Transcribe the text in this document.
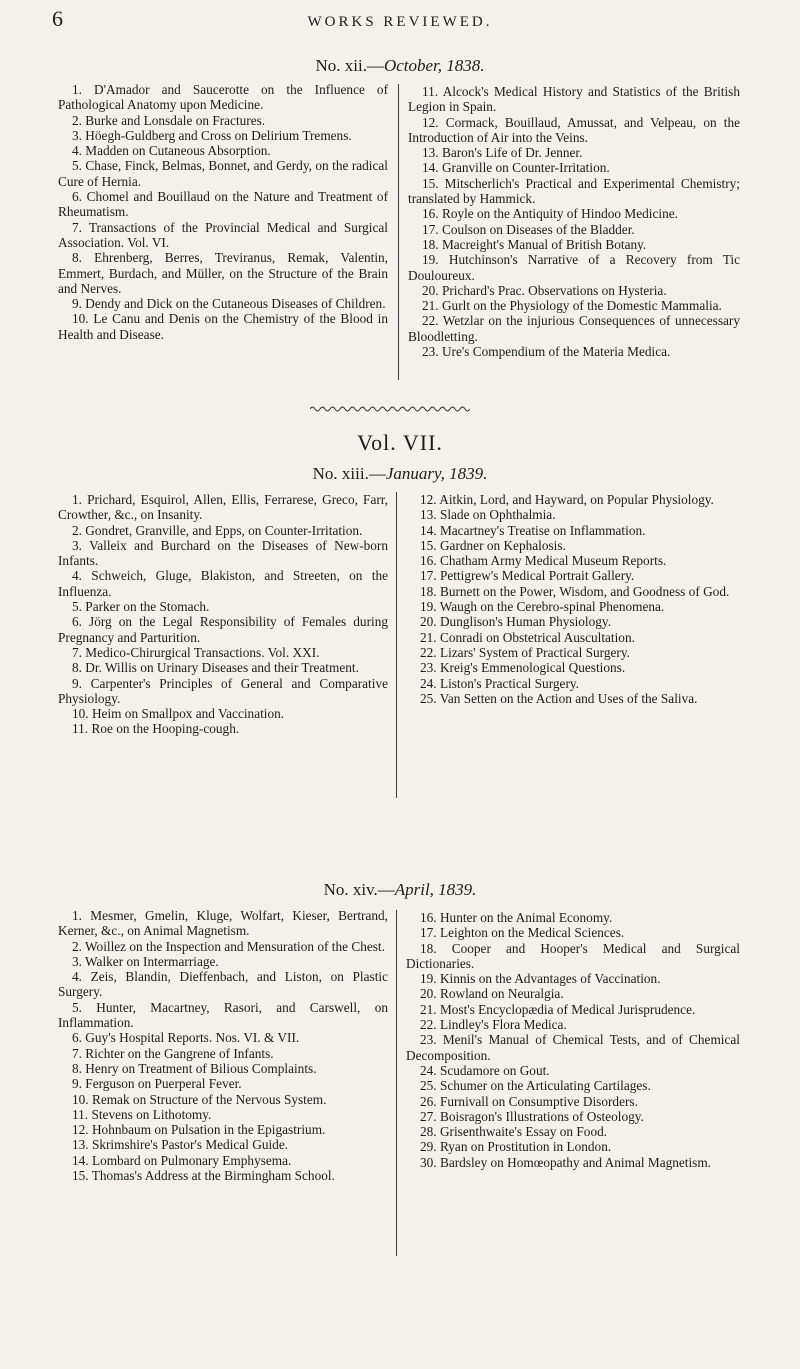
6	WORKS REVIEWED.
No. xii.—October, 1838.

1. D'Amador and Saucerotte on the Influence of Pathological Anatomy upon Medicine.

2. Burke and Lonsdale on Fractures.

3. Höegh-Guldberg and Cross on Delirium Tremens.

4. Madden on Cutaneous Absorption.

5. Chase, Finck, Belmas, Bonnet, and Gerdy, on the radical Cure of Hernia.

6. Chomel and Bouillaud on the Nature and Treatment of Rheumatism.

7. Transactions of the Provincial Medical and Surgical Association. Vol. VI.

8. Ehrenberg, Berres, Treviranus, Remak, Valentin, Emmert, Burdach, and Müller, on the Structure of the Brain and Nerves.

9. Dendy and Dick on the Cutaneous Diseases of Children.

10. Le Canu and Denis on the Chemistry of the Blood in Health and Disease.

11. Alcock's Medical History and Statistics of the British Legion in Spain.

12. Cormack, Bouillaud, Amussat, and Velpeau, on the Introduction of Air into the Veins.

13. Baron's Life of Dr. Jenner.

14. Granville on Counter-Irritation.

15. Mitscherlich's Practical and Experimental Chemistry; translated by Hammick.

16. Royle on the Antiquity of Hindoo Medicine.

17. Coulson on Diseases of the Bladder.

18. Macreight's Manual of British Botany.

19. Hutchinson's Narrative of a Recovery from Tic Douloureux.

20. Prichard's Prac. Observations on Hysteria.

21. Gurlt on the Physiology of the Domestic Mammalia.

22. Wetzlar on the injurious Consequences of unnecessary Bloodletting.

23. Ure's Compendium of the Materia Medica.

Vol. VII.
No. xiii.—January, 1839.

1. Prichard, Esquirol, Allen, Ellis, Ferrarese, Greco, Farr, Crowther, &c., on Insanity.

2. Gondret, Granville, and Epps, on Counter-Irritation.

3. Valleix and Burchard on the Diseases of New-born Infants.

4. Schweich, Gluge, Blakiston, and Streeten, on the Influenza.

5. Parker on the Stomach.

6. Jörg on the Legal Responsibility of Females during Pregnancy and Parturition.

7. Medico-Chirurgical Transactions. Vol. XXI.

8. Dr. Willis on Urinary Diseases and their Treatment.

9. Carpenter's Principles of General and Comparative Physiology.

10. Heim on Smallpox and Vaccination.

11. Roe on the Hooping-cough.

12. Aitkin, Lord, and Hayward, on Popular Physiology.

13. Slade on Ophthalmia.

14. Macartney's Treatise on Inflammation.

15. Gardner on Kephalosis.

16. Chatham Army Medical Museum Reports.

17. Pettigrew's Medical Portrait Gallery.

18. Burnett on the Power, Wisdom, and Goodness of God.

19. Waugh on the Cerebro-spinal Phenomena.

20. Dunglison's Human Physiology.

21. Conradi on Obstetrical Auscultation.

22. Lizars' System of Practical Surgery.

23. Kreig's Emmenological Questions.

24. Liston's Practical Surgery.

25. Van Setten on the Action and Uses of the Saliva.

No. xiv.—April, 1839.

1. Mesmer, Gmelin, Kluge, Wolfart, Kieser, Bertrand, Kerner, &c., on Animal Magnetism.

2. Woillez on the Inspection and Mensuration of the Chest.

3. Walker on Intermarriage.

4. Zeis, Blandin, Dieffenbach, and Liston, on Plastic Surgery.

5. Hunter, Macartney, Rasori, and Carswell, on Inflammation.

6. Guy's Hospital Reports. Nos. VI. & VII.

7. Richter on the Gangrene of Infants.

8. Henry on Treatment of Bilious Complaints.

9. Ferguson on Puerperal Fever.

10. Remak on Structure of the Nervous System.

11. Stevens on Lithotomy.

12. Hohnbaum on Pulsation in the Epigastrium.

13. Skrimshire's Pastor's Medical Guide.

14. Lombard on Pulmonary Emphysema.

15. Thomas's Address at the Birmingham School.

16. Hunter on the Animal Economy.

17. Leighton on the Medical Sciences.

18. Cooper and Hooper's Medical and Surgical Dictionaries.

19. Kinnis on the Advantages of Vaccination.

20. Rowland on Neuralgia.

21. Most's Encyclopædia of Medical Jurisprudence.

22. Lindley's Flora Medica.

23. Menil's Manual of Chemical Tests, and of Chemical Decomposition.

24. Scudamore on Gout.

25. Schumer on the Articulating Cartilages.

26. Furnivall on Consumptive Disorders.

27. Boisragon's Illustrations of Osteology.

28. Grisenthwaite's Essay on Food.

29. Ryan on Prostitution in London.

30. Bardsley on Homœopathy and Animal Magnetism.
